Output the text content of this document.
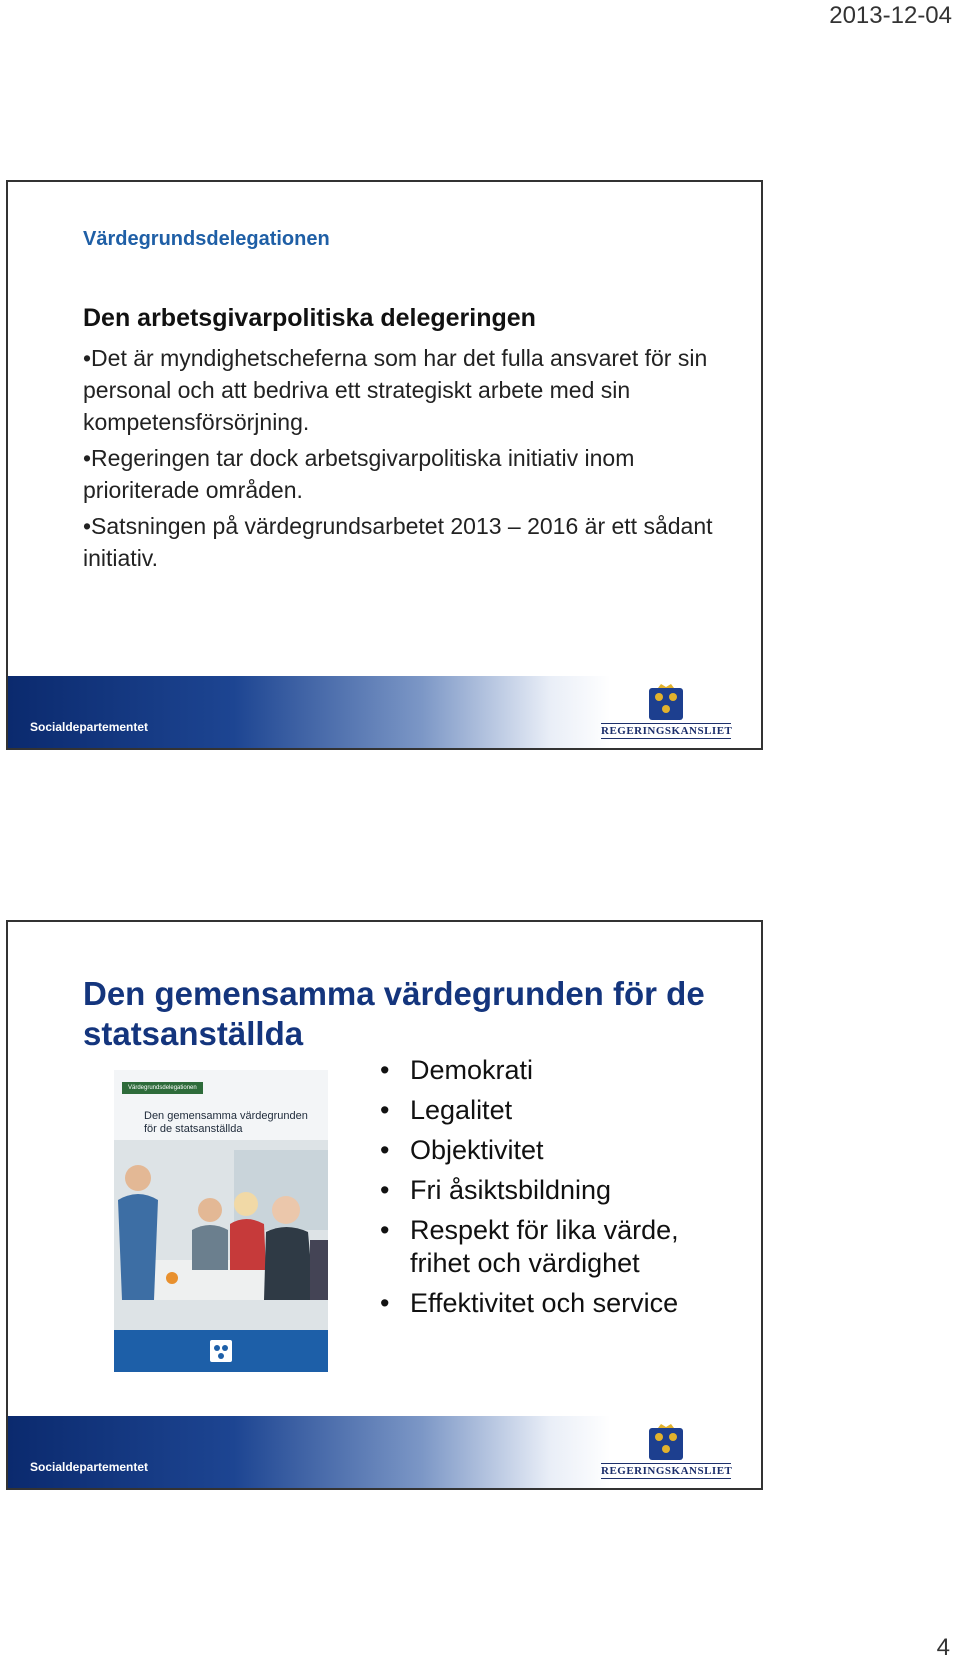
2013-12-04
Värdegrundsdelegationen
Den arbetsgivarpolitiska delegeringen

•Det är myndighetscheferna som har det fulla ansvaret för sin personal och att bedriva ett strategiskt arbete med sin kompetensförsörjning.

•Regeringen tar dock arbetsgivarpolitiska initiativ inom prioriterade områden.

•Satsningen på värdegrundsarbetet 2013 – 2016 är ett sådant initiativ.

Socialdepartementet	REGERINGSKANSLIET
Den gemensamma värdegrunden för de statsanställda
Värdegrundsdelegationen
Den gemensamma värdegrunden för de statsanställda
• Demokrati
• Legalitet
• Objektivitet
• Fri åsiktsbildning
• Respekt för lika värde, frihet och värdighet
• Effektivitet och service
Socialdepartementet	REGERINGSKANSLIET
4
